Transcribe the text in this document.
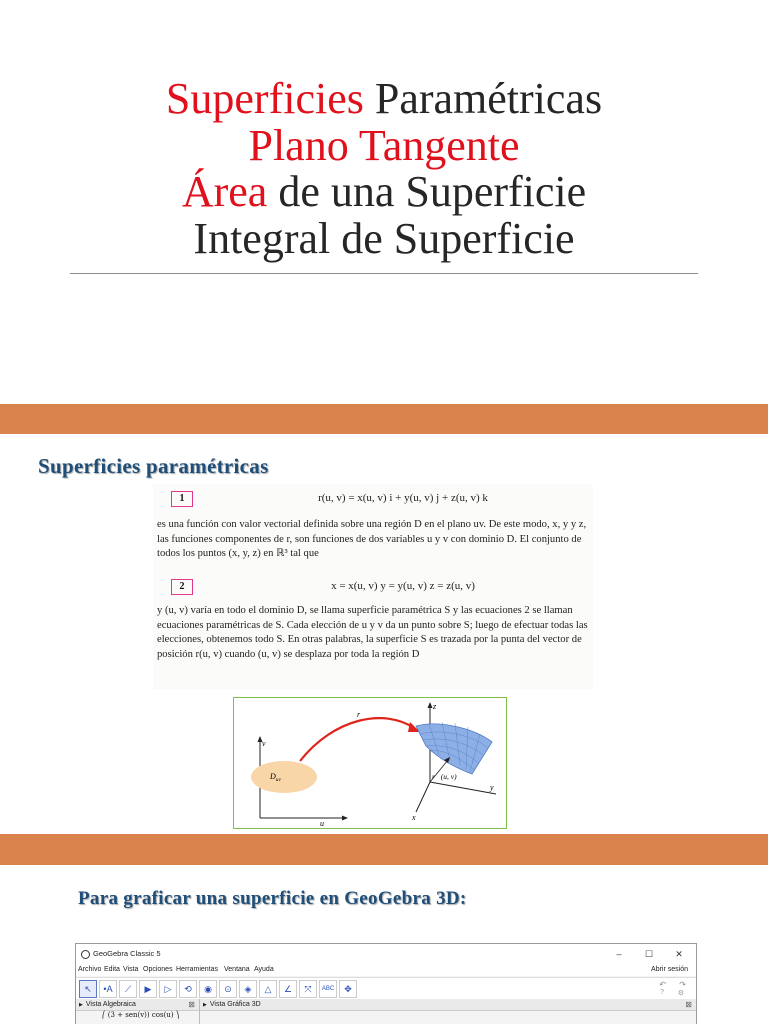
Superficies Paramétricas
Plano Tangente
Área de una Superficie
Integral de Superficie
Superficies paramétricas
1	r(u, v) = x(u, v) i + y(u, v) j + z(u, v) k
es una función con valor vectorial definida sobre una región D en el plano uv. De este modo, x, y y z, las funciones componentes de r, son funciones de dos variables u y v con dominio D. El conjunto de todos los puntos (x, y, z) en ℝ³ tal que
2	x = x(u, v) y = y(u, v) z = z(u, v)
y (u, v) varía en todo el dominio D, se llama superficie paramétrica S y las ecuaciones 2 se llaman ecuaciones paramétricas de S. Cada elección de u y v da un punto sobre S; luego de efectuar todas las elecciones, obtenemos todo S. En otras palabras, la superficie S es trazada por la punta del vector de posición r(u, v) cuando (u, v) se desplaza por toda la región D
v
u
$D_{uv}$
r⃗
z
y
x
r⃗(u, v)
Para graficar una superficie en GeoGebra 3D:
GeoGebra Classic 5	–	☐	✕
Archivo Edita Vista Opciones Herramientas Ventana Ayuda	Abrir sesión
↖	•A	⟋	▶	▷	⟲	◉	⊙	◈	△	∠	⤧	ABC	✥	↶ ↷
? ⚙
▶ Vista Algebraica	⊠	▶ Vista Gráfica 3D	⊠
⎛ (3 + sen(v)) cos(u) ⎞
